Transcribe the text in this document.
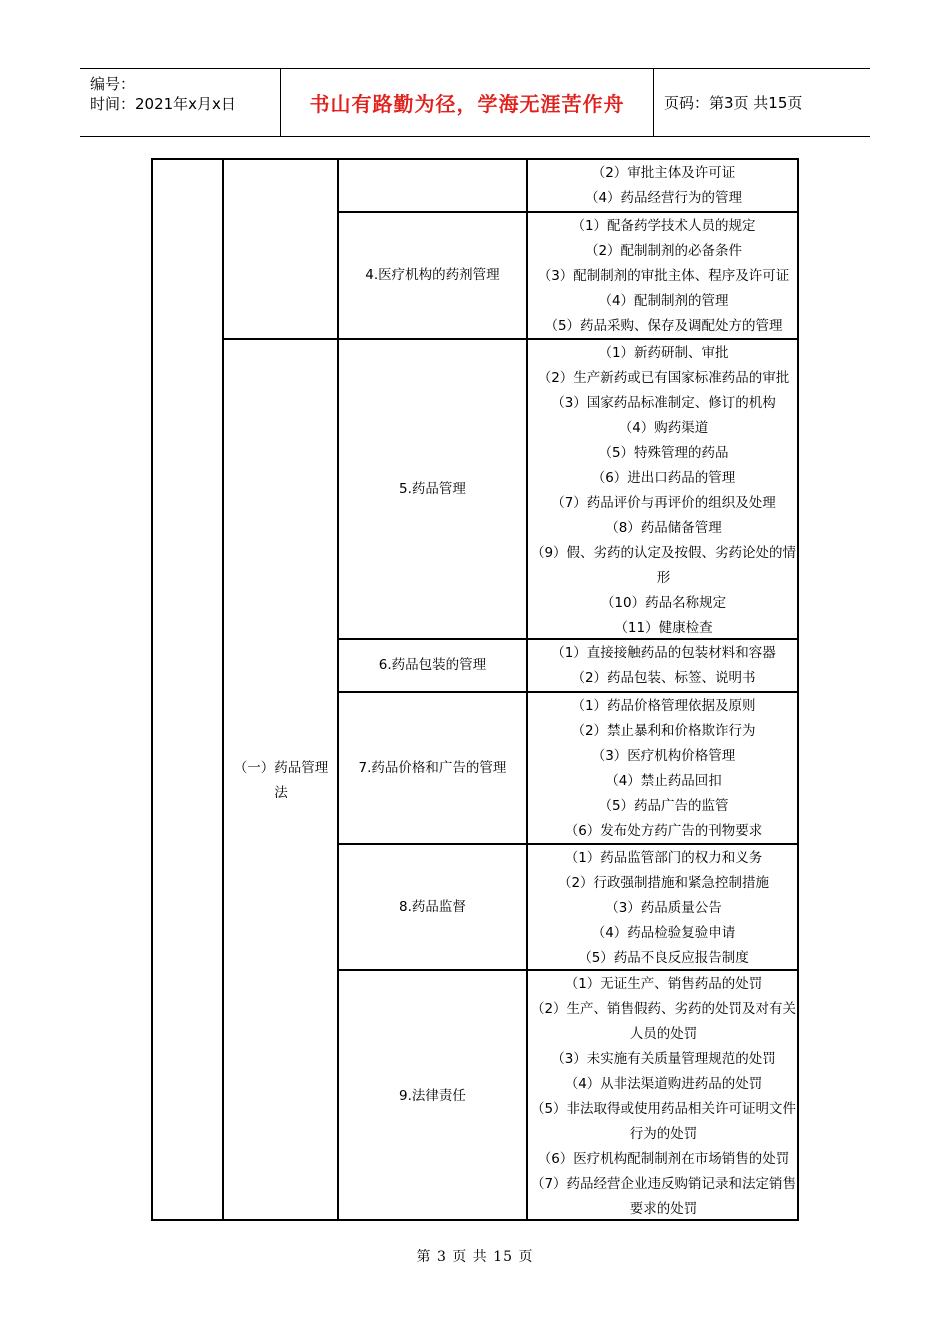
编号：
时间：2021年x月x日	书山有路勤为径，学海无涯苦作舟	页码：第3页 共15页
（一）药品管理法
（2）审批主体及许可证
（4）药品经营行为的管理
4.医疗机构的药剂管理
（1）配备药学技术人员的规定
（2）配制制剂的必备条件
（3）配制制剂的审批主体、程序及许可证
（4）配制制剂的管理
（5）药品采购、保存及调配处方的管理
5.药品管理
（1）新药研制、审批
（2）生产新药或已有国家标准药品的审批
（3）国家药品标准制定、修订的机构
（4）购药渠道
（5）特殊管理的药品
（6）进出口药品的管理
（7）药品评价与再评价的组织及处理
（8）药品储备管理
（9）假、劣药的认定及按假、劣药论处的情形
（10）药品名称规定
（11）健康检查
6.药品包装的管理
（1）直接接触药品的包装材料和容器
（2）药品包装、标签、说明书
7.药品价格和广告的管理
（1）药品价格管理依据及原则
（2）禁止暴利和价格欺诈行为
（3）医疗机构价格管理
（4）禁止药品回扣
（5）药品广告的监管
（6）发布处方药广告的刊物要求
8.药品监督
（1）药品监管部门的权力和义务
（2）行政强制措施和紧急控制措施
（3）药品质量公告
（4）药品检验复验申请
（5）药品不良反应报告制度
9.法律责任
（1）无证生产、销售药品的处罚
（2）生产、销售假药、劣药的处罚及对有关人员的处罚
（3）未实施有关质量管理规范的处罚
（4）从非法渠道购进药品的处罚
（5）非法取得或使用药品相关许可证明文件行为的处罚
（6）医疗机构配制制剂在市场销售的处罚
（7）药品经营企业违反购销记录和法定销售要求的处罚
第 3 页 共 15 页
